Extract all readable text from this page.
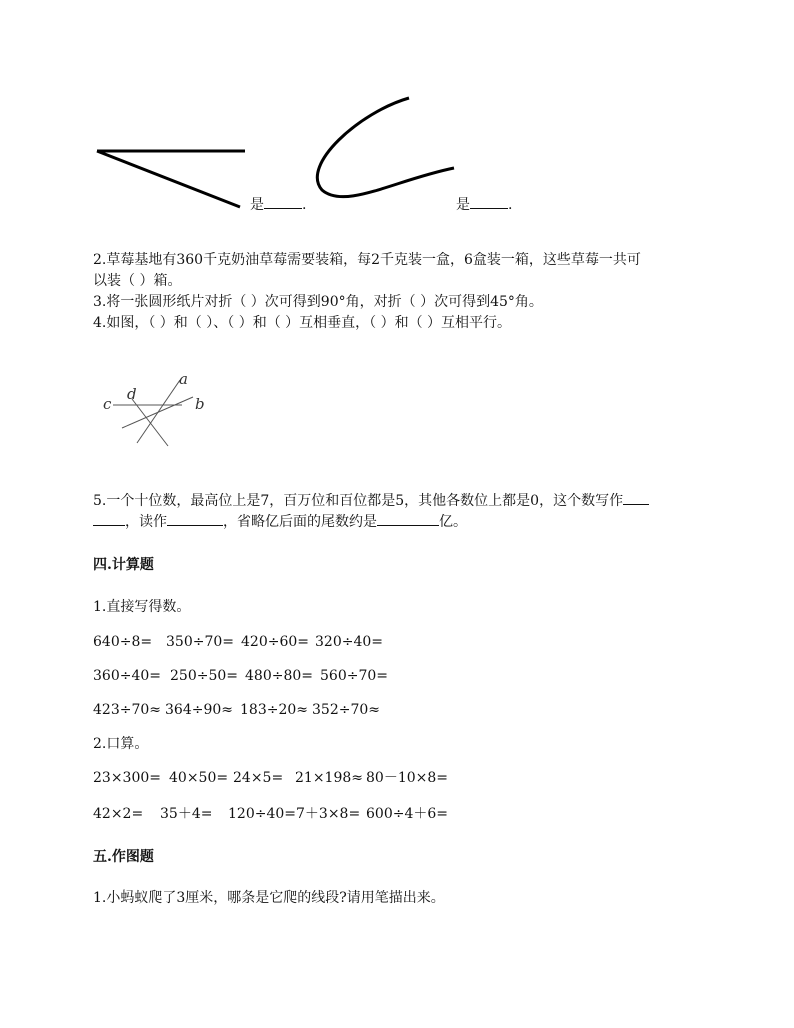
是	.	是	.
2.草莓基地有360千克奶油草莓需要装箱，每2千克装一盒，6盒装一箱，这些草莓一共可
以装（ ）箱。
3.将一张圆形纸片对折（ ）次可得到90°角，对折（ ）次可得到45°角。
4.如图，（ ）和（ ）、（ ）和（ ）互相垂直，（ ）和（ ）互相平行。
c
d
a
b
5.一个十位数，最高位上是7，百万位和百位都是5，其他各数位上都是0，这个数写作
，读作	，省略亿后面的尾数约是	亿。
四.计算题
1.直接写得数。
640÷8= 350÷70= 420÷60= 320÷40=
360÷40= 250÷50= 480÷80= 560÷70=
423÷70≈ 364÷90≈ 183÷20≈ 352÷70≈
2.口算。
23×300= 40×50= 24×5= 21×198≈ 80－10×8=
42×2= 35＋4= 120÷40= 7＋3×8= 600÷4＋6=
五.作图题
1.小蚂蚁爬了3厘米，哪条是它爬的线段?请用笔描出来。
